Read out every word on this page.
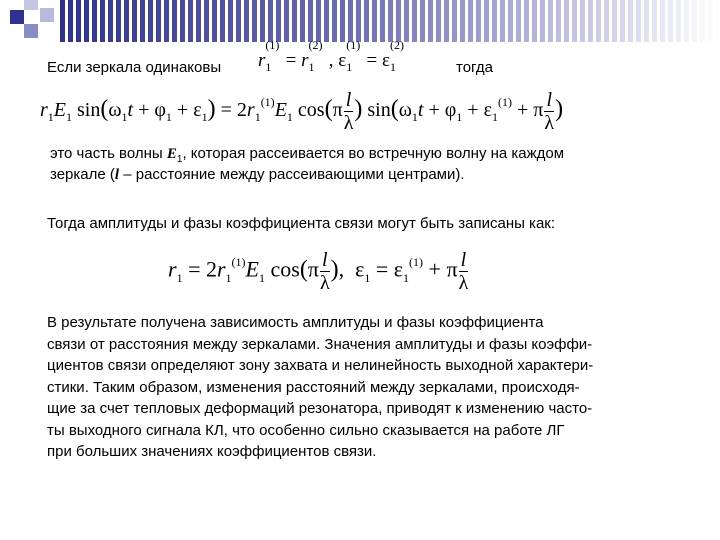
Если зеркала одинаковы r
(1)
$_1$   = r
(2)
$_1$   , ε
(1)
$_1$   = ε
(2)
$_1$	тогда
$r_1E_1$ $\sin(\omega_1t + \varphi_1 + \varepsilon_1) = 2r_1^{(1)}E_1$ $\cos(\pi \frac{l}{\lambda}$ ) $\sin(\omega_1t + \varphi_1 + \varepsilon_1^{(1)} + \pi \frac{l}{\lambda}$ )
это часть волны $E_1$, которая рассеивается во встречную волну на каждом
зеркале (l – расстояние между рассеивающими центрами).
Тогда амплитуды и фазы коэффициента связи могут быть записаны как:
$r_1 = 2r_1^{(1)}E_1$ $\cos(\pi \frac{l}{\lambda}$ ),  $\varepsilon_1 = \varepsilon_1^{(1)} + \pi \frac{l}{\lambda}$
В результате получена зависимость амплитуды и фазы коэффициента
связи от расстояния между зеркалами. Значения амплитуды и фазы коэффи-
циентов связи определяют зону захвата и нелинейность выходной характери-
стики. Таким образом, изменения расстояний между зеркалами, происходя-
щие за счет тепловых деформаций резонатора, приводят к изменению часто-
ты выходного сигнала КЛ, что особенно сильно сказывается на работе ЛГ
при больших значениях коэффициентов связи.
